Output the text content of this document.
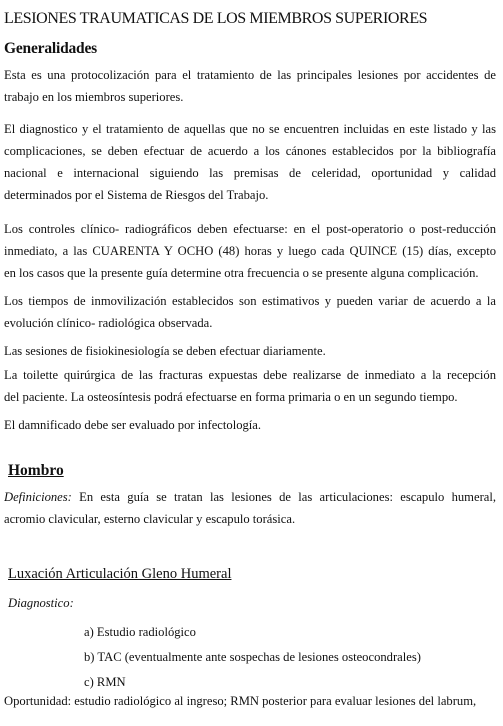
LESIONES TRAUMATICAS DE LOS MIEMBROS SUPERIORES
Generalidades
Esta es una protocolización para el tratamiento de las principales lesiones por accidentes de
trabajo en los miembros superiores.
El diagnostico y el tratamiento de aquellas que no se encuentren incluidas en este listado y las
complicaciones, se deben efectuar de acuerdo a los cánones establecidos por la bibliografía
nacional e internacional siguiendo las premisas de celeridad, oportunidad y calidad
determinados por el Sistema de Riesgos del Trabajo.
Los controles clínico- radiográficos deben efectuarse: en el post-operatorio o post-reducción
inmediato, a las CUARENTA Y OCHO (48) horas y luego cada QUINCE (15) días, excepto
en los casos que la presente guía determine otra frecuencia o se presente alguna complicación.
Los tiempos de inmovilización establecidos son estimativos y pueden variar de acuerdo a la
evolución clínico- radiológica observada.
Las sesiones de fisiokinesiología se deben efectuar diariamente.
La toilette quirúrgica de las fracturas expuestas debe realizarse de inmediato a la recepción
del paciente. La osteosíntesis podrá efectuarse en forma primaria o en un segundo tiempo.
El damnificado debe ser evaluado por infectología.
Hombro
Definiciones: En esta guía se tratan las lesiones de las articulaciones: escapulo humeral,
acromio clavicular, esterno clavicular y escapulo torásica.
Luxación Articulación Gleno Humeral
Diagnostico:
a) Estudio radiológico
b) TAC (eventualmente ante sospechas de lesiones osteocondrales)
c) RMN
Oportunidad: estudio radiológico al ingreso; RMN posterior para evaluar lesiones del labrum,
